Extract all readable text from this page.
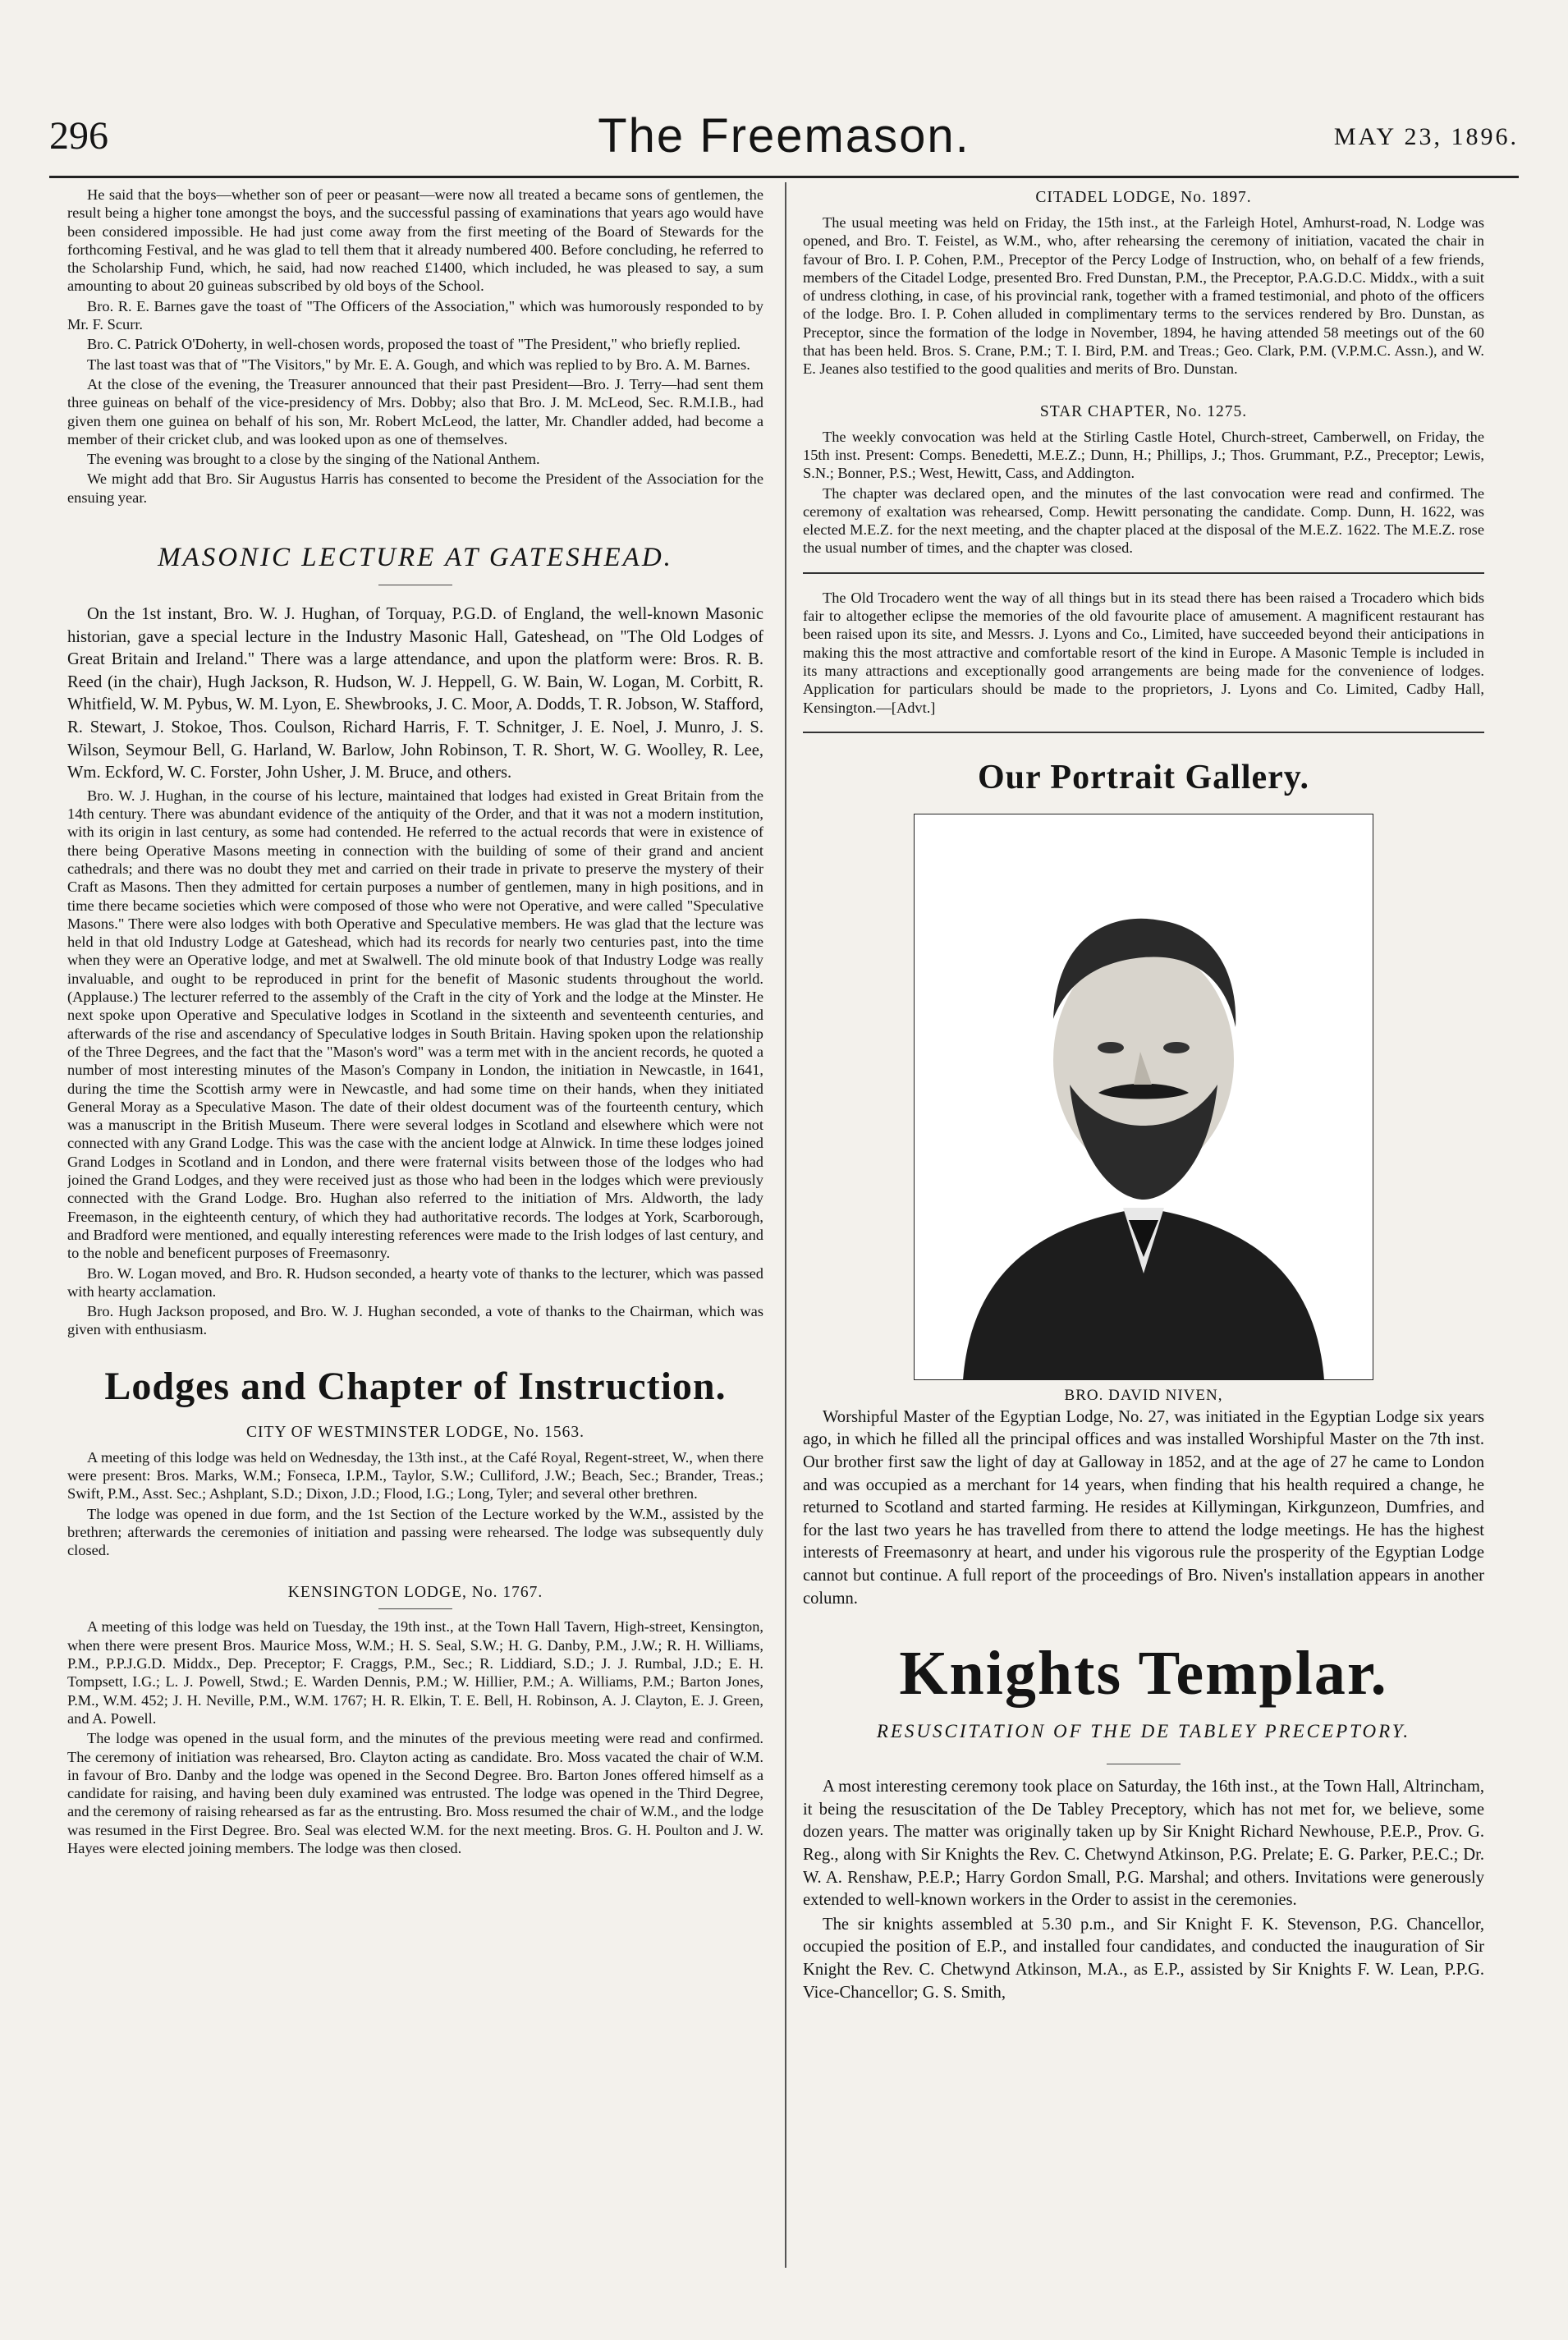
296	The Freemason.	MAY 23, 1896.

He said that the boys—whether son of peer or peasant—were now all treated a became sons of gentlemen, the result being a higher tone amongst the boys, and the successful passing of examinations that years ago would have been considered impossible. He had just come away from the first meeting of the Board of Stewards for the forthcoming Festival, and he was glad to tell them that it already numbered 400. Before concluding, he referred to the Scholarship Fund, which, he said, had now reached £1400, which included, he was pleased to say, a sum amounting to about 20 guineas subscribed by old boys of the School.

Bro. R. E. Barnes gave the toast of "The Officers of the Association," which was humorously responded to by Mr. F. Scurr.

Bro. C. Patrick O'Doherty, in well-chosen words, proposed the toast of "The President," who briefly replied.

The last toast was that of "The Visitors," by Mr. E. A. Gough, and which was replied to by Bro. A. M. Barnes.

At the close of the evening, the Treasurer announced that their past President—Bro. J. Terry—had sent them three guineas on behalf of the vice-presidency of Mrs. Dobby; also that Bro. J. M. McLeod, Sec. R.M.I.B., had given them one guinea on behalf of his son, Mr. Robert McLeod, the latter, Mr. Chandler added, had become a member of their cricket club, and was looked upon as one of themselves.

The evening was brought to a close by the singing of the National Anthem.

We might add that Bro. Sir Augustus Harris has consented to become the President of the Association for the ensuing year.

MASONIC LECTURE AT GATESHEAD.

On the 1st instant, Bro. W. J. Hughan, of Torquay, P.G.D. of England, the well-known Masonic historian, gave a special lecture in the Industry Masonic Hall, Gateshead, on "The Old Lodges of Great Britain and Ireland." There was a large attendance, and upon the platform were: Bros. R. B. Reed (in the chair), Hugh Jackson, R. Hudson, W. J. Heppell, G. W. Bain, W. Logan, M. Corbitt, R. Whitfield, W. M. Pybus, W. M. Lyon, E. Shewbrooks, J. C. Moor, A. Dodds, T. R. Jobson, W. Stafford, R. Stewart, J. Stokoe, Thos. Coulson, Richard Harris, F. T. Schnitger, J. E. Noel, J. Munro, J. S. Wilson, Seymour Bell, G. Harland, W. Barlow, John Robinson, T. R. Short, W. G. Woolley, R. Lee, Wm. Eckford, W. C. Forster, John Usher, J. M. Bruce, and others.

Bro. W. J. Hughan, in the course of his lecture, maintained that lodges had existed in Great Britain from the 14th century. There was abundant evidence of the antiquity of the Order, and that it was not a modern institution, with its origin in last century, as some had contended. He referred to the actual records that were in existence of there being Operative Masons meeting in connection with the building of some of their grand and ancient cathedrals; and there was no doubt they met and carried on their trade in private to preserve the mystery of their Craft as Masons. Then they admitted for certain purposes a number of gentlemen, many in high positions, and in time there became societies which were composed of those who were not Operative, and were called "Speculative Masons." There were also lodges with both Operative and Speculative members. He was glad that the lecture was held in that old Industry Lodge at Gateshead, which had its records for nearly two centuries past, into the time when they were an Operative lodge, and met at Swalwell. The old minute book of that Industry Lodge was really invaluable, and ought to be reproduced in print for the benefit of Masonic students throughout the world. (Applause.) The lecturer referred to the assembly of the Craft in the city of York and the lodge at the Minster. He next spoke upon Operative and Speculative lodges in Scotland in the sixteenth and seventeenth centuries, and afterwards of the rise and ascendancy of Speculative lodges in South Britain. Having spoken upon the relationship of the Three Degrees, and the fact that the "Mason's word" was a term met with in the ancient records, he quoted a number of most interesting minutes of the Mason's Company in London, the initiation in Newcastle, in 1641, during the time the Scottish army were in Newcastle, and had some time on their hands, when they initiated General Moray as a Speculative Mason. The date of their oldest document was of the fourteenth century, which was a manuscript in the British Museum. There were several lodges in Scotland and elsewhere which were not connected with any Grand Lodge. This was the case with the ancient lodge at Alnwick. In time these lodges joined Grand Lodges in Scotland and in London, and there were fraternal visits between those of the lodges who had joined the Grand Lodges, and they were received just as those who had been in the lodges which were previously connected with the Grand Lodge. Bro. Hughan also referred to the initiation of Mrs. Aldworth, the lady Freemason, in the eighteenth century, of which they had authoritative records. The lodges at York, Scarborough, and Bradford were mentioned, and equally interesting references were made to the Irish lodges of last century, and to the noble and beneficent purposes of Freemasonry.

Bro. W. Logan moved, and Bro. R. Hudson seconded, a hearty vote of thanks to the lecturer, which was passed with hearty acclamation.

Bro. Hugh Jackson proposed, and Bro. W. J. Hughan seconded, a vote of thanks to the Chairman, which was given with enthusiasm.

Lodges and Chapter of Instruction.
CITY OF WESTMINSTER LODGE, No. 1563.

A meeting of this lodge was held on Wednesday, the 13th inst., at the Café Royal, Regent-street, W., when there were present: Bros. Marks, W.M.; Fonseca, I.P.M., Taylor, S.W.; Culliford, J.W.; Beach, Sec.; Brander, Treas.; Swift, P.M., Asst. Sec.; Ashplant, S.D.; Dixon, J.D.; Flood, I.G.; Long, Tyler; and several other brethren.

The lodge was opened in due form, and the 1st Section of the Lecture worked by the W.M., assisted by the brethren; afterwards the ceremonies of initiation and passing were rehearsed. The lodge was subsequently duly closed.

KENSINGTON LODGE, No. 1767.

A meeting of this lodge was held on Tuesday, the 19th inst., at the Town Hall Tavern, High-street, Kensington, when there were present Bros. Maurice Moss, W.M.; H. S. Seal, S.W.; H. G. Danby, P.M., J.W.; R. H. Williams, P.M., P.P.J.G.D. Middx., Dep. Preceptor; F. Craggs, P.M., Sec.; R. Liddiard, S.D.; J. J. Rumbal, J.D.; E. H. Tompsett, I.G.; L. J. Powell, Stwd.; E. Warden Dennis, P.M.; W. Hillier, P.M.; A. Williams, P.M.; Barton Jones, P.M., W.M. 452; J. H. Neville, P.M., W.M. 1767; H. R. Elkin, T. E. Bell, H. Robinson, A. J. Clayton, E. J. Green, and A. Powell.

The lodge was opened in the usual form, and the minutes of the previous meeting were read and confirmed. The ceremony of initiation was rehearsed, Bro. Clayton acting as candidate. Bro. Moss vacated the chair of W.M. in favour of Bro. Danby and the lodge was opened in the Second Degree. Bro. Barton Jones offered himself as a candidate for raising, and having been duly examined was entrusted. The lodge was opened in the Third Degree, and the ceremony of raising rehearsed as far as the entrusting. Bro. Moss resumed the chair of W.M., and the lodge was resumed in the First Degree. Bro. Seal was elected W.M. for the next meeting. Bros. G. H. Poulton and J. W. Hayes were elected joining members. The lodge was then closed.

CITADEL LODGE, No. 1897.

The usual meeting was held on Friday, the 15th inst., at the Farleigh Hotel, Amhurst-road, N. Lodge was opened, and Bro. T. Feistel, as W.M., who, after rehearsing the ceremony of initiation, vacated the chair in favour of Bro. I. P. Cohen, P.M., Preceptor of the Percy Lodge of Instruction, who, on behalf of a few friends, members of the Citadel Lodge, presented Bro. Fred Dunstan, P.M., the Preceptor, P.A.G.D.C. Middx., with a suit of undress clothing, in case, of his provincial rank, together with a framed testimonial, and photo of the officers of the lodge. Bro. I. P. Cohen alluded in complimentary terms to the services rendered by Bro. Dunstan, as Preceptor, since the formation of the lodge in November, 1894, he having attended 58 meetings out of the 60 that has been held. Bros. S. Crane, P.M.; T. I. Bird, P.M. and Treas.; Geo. Clark, P.M. (V.P.M.C. Assn.), and W. E. Jeanes also testified to the good qualities and merits of Bro. Dunstan.

STAR CHAPTER, No. 1275.

The weekly convocation was held at the Stirling Castle Hotel, Church-street, Camberwell, on Friday, the 15th inst. Present: Comps. Benedetti, M.E.Z.; Dunn, H.; Phillips, J.; Thos. Grummant, P.Z., Preceptor; Lewis, S.N.; Bonner, P.S.; West, Hewitt, Cass, and Addington.

The chapter was declared open, and the minutes of the last convocation were read and confirmed. The ceremony of exaltation was rehearsed, Comp. Hewitt personating the candidate. Comp. Dunn, H. 1622, was elected M.E.Z. for the next meeting, and the chapter placed at the disposal of the M.E.Z. 1622. The M.E.Z. rose the usual number of times, and the chapter was closed.

The Old Trocadero went the way of all things but in its stead there has been raised a Trocadero which bids fair to altogether eclipse the memories of the old favourite place of amusement. A magnificent restaurant has been raised upon its site, and Messrs. J. Lyons and Co., Limited, have succeeded beyond their anticipations in making this the most attractive and comfortable resort of the kind in Europe. A Masonic Temple is included in its many attractions and exceptionally good arrangements are being made for the convenience of lodges. Application for particulars should be made to the proprietors, J. Lyons and Co. Limited, Cadby Hall, Kensington.—[Advt.]

Our Portrait Gallery.
BRO. DAVID NIVEN,

Worshipful Master of the Egyptian Lodge, No. 27, was initiated in the Egyptian Lodge six years ago, in which he filled all the principal offices and was installed Worshipful Master on the 7th inst. Our brother first saw the light of day at Galloway in 1852, and at the age of 27 he came to London and was occupied as a merchant for 14 years, when finding that his health required a change, he returned to Scotland and started farming. He resides at Killymingan, Kirkgunzeon, Dumfries, and for the last two years he has travelled from there to attend the lodge meetings. He has the highest interests of Freemasonry at heart, and under his vigorous rule the prosperity of the Egyptian Lodge cannot but continue. A full report of the proceedings of Bro. Niven's installation appears in another column.

Knights Templar.
RESUSCITATION OF THE DE TABLEY PRECEPTORY.

A most interesting ceremony took place on Saturday, the 16th inst., at the Town Hall, Altrincham, it being the resuscitation of the De Tabley Preceptory, which has not met for, we believe, some dozen years. The matter was originally taken up by Sir Knight Richard Newhouse, P.E.P., Prov. G. Reg., along with Sir Knights the Rev. C. Chetwynd Atkinson, P.G. Prelate; E. G. Parker, P.E.C.; Dr. W. A. Renshaw, P.E.P.; Harry Gordon Small, P.G. Marshal; and others. Invitations were generously extended to well-known workers in the Order to assist in the ceremonies.

The sir knights assembled at 5.30 p.m., and Sir Knight F. K. Stevenson, P.G. Chancellor, occupied the position of E.P., and installed four candidates, and conducted the inauguration of Sir Knight the Rev. C. Chetwynd Atkinson, M.A., as E.P., assisted by Sir Knights F. W. Lean, P.P.G. Vice-Chancellor; G. S. Smith,
